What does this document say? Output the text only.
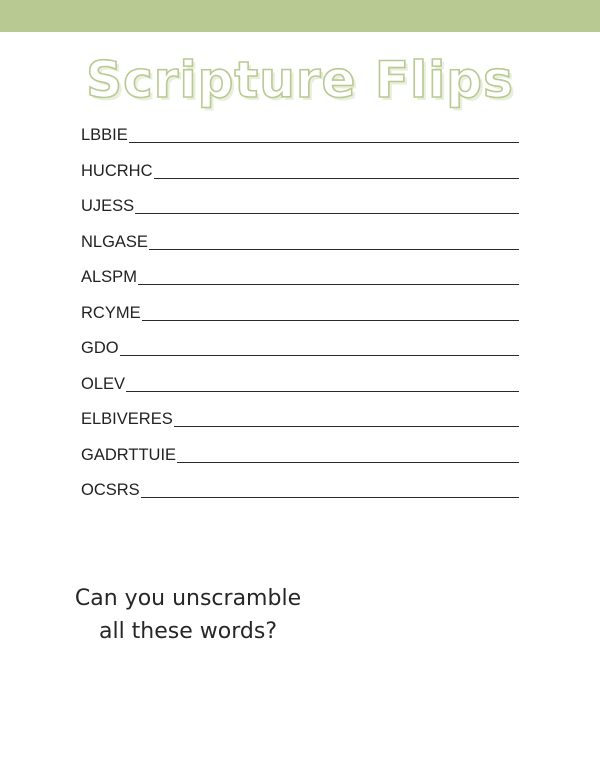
Scripture Flips
LBBIE
HUCRHC
UJESS
NLGASE
ALSPM
RCYME
GDO
OLEV
ELBIVERES
GADRTTUIE
OCSRS
Can you unscramble
all these words?
